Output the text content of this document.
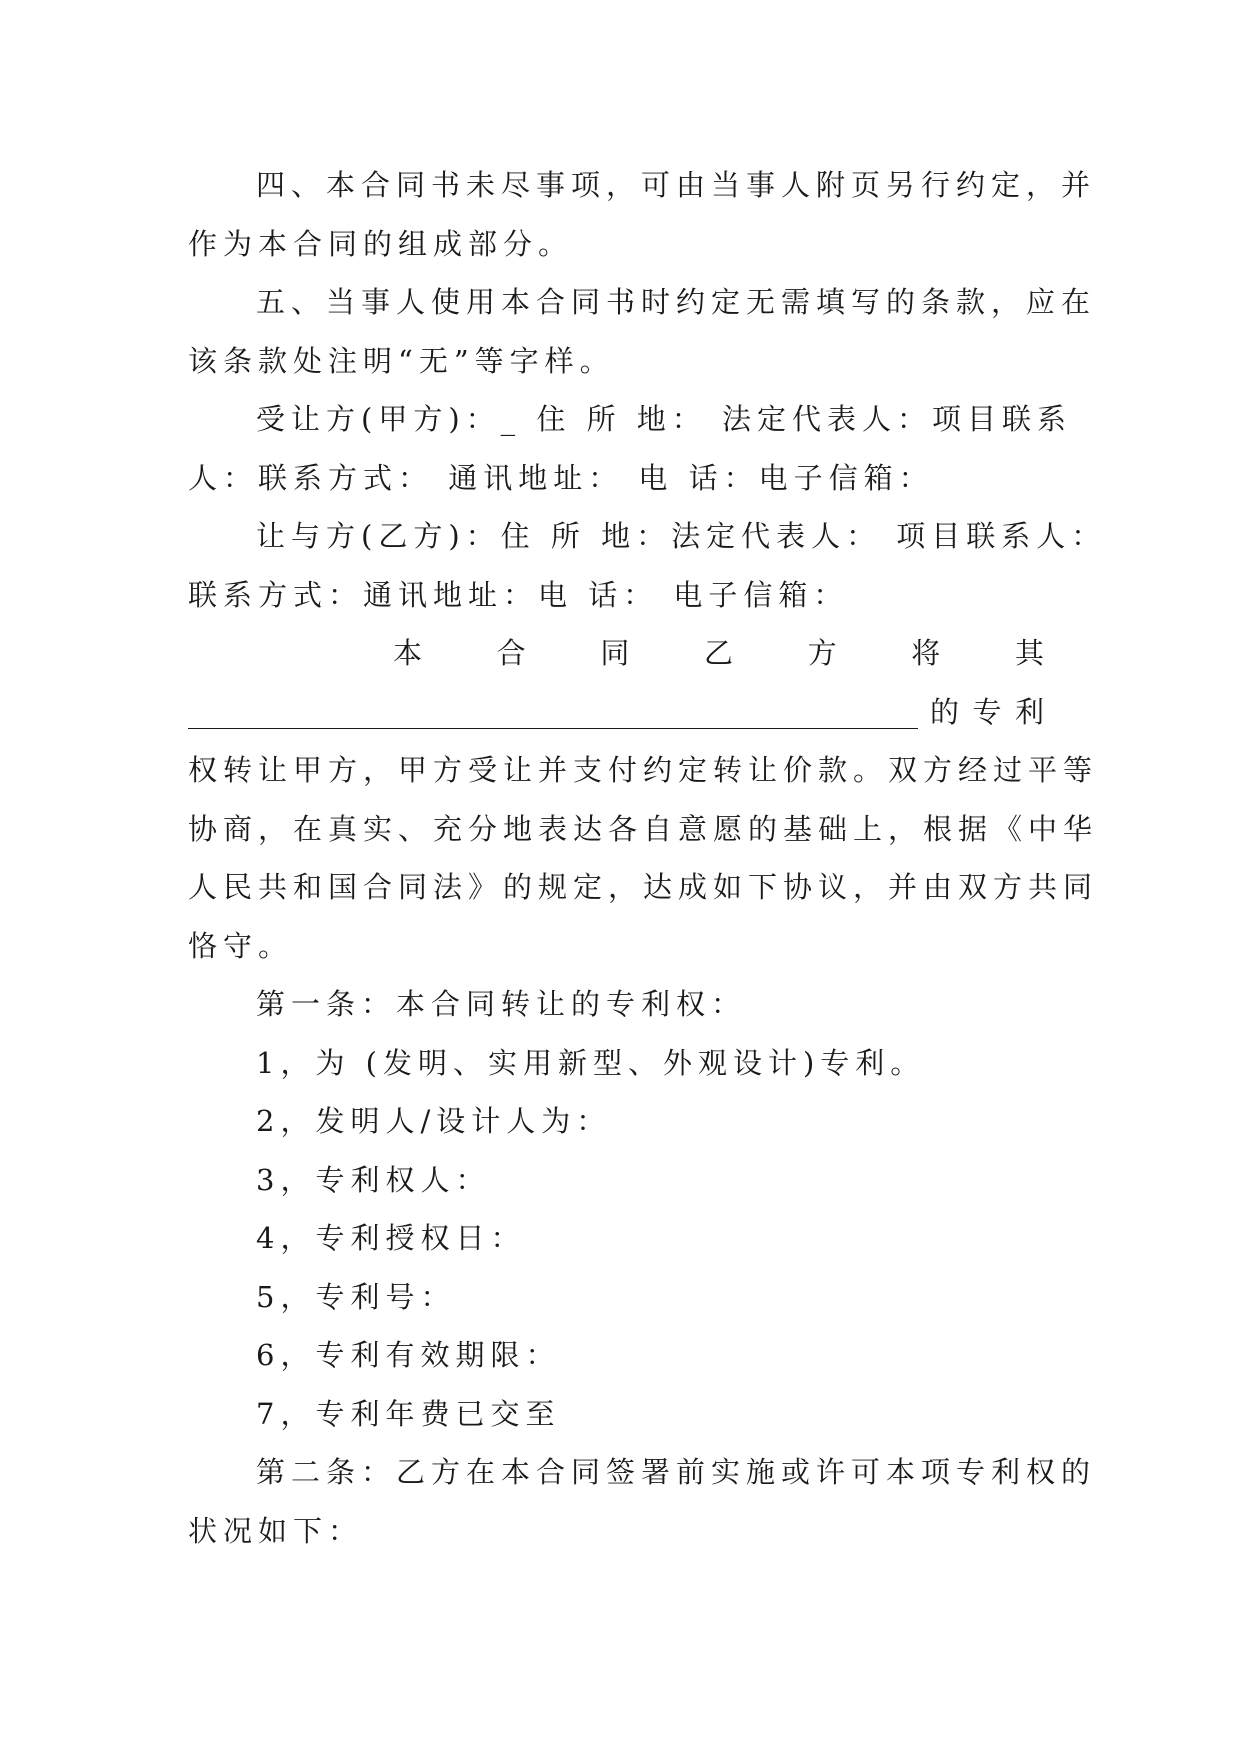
四、本合同书未尽事项，可由当事人附页另行约定，并
作为本合同的组成部分。

五、当事人使用本合同书时约定无需填写的条款，应在
该条款处注明“无”等字样。

受让方(甲方)：_ 住 所 地： 法定代表人：项目联系
人：联系方式： 通讯地址： 电 话：电子信箱：

让与方(乙方)：住 所 地：法定代表人： 项目联系人：
联系方式：通讯地址：电 话： 电子信箱：

本 合 同 乙 方 将 其
的 专 利

权转让甲方，甲方受让并支付约定转让价款。双方经过平等
协商，在真实、充分地表达各自意愿的基础上，根据《中华
人民共和国合同法》的规定，达成如下协议，并由双方共同
恪守。

第一条：本合同转让的专利权：

1，为 (发明、实用新型、外观设计)专利。

2，发明人/设计人为：

3，专利权人：

4，专利授权日：

5，专利号：

6，专利有效期限：

7，专利年费已交至

第二条：乙方在本合同签署前实施或许可本项专利权的
状况如下：
